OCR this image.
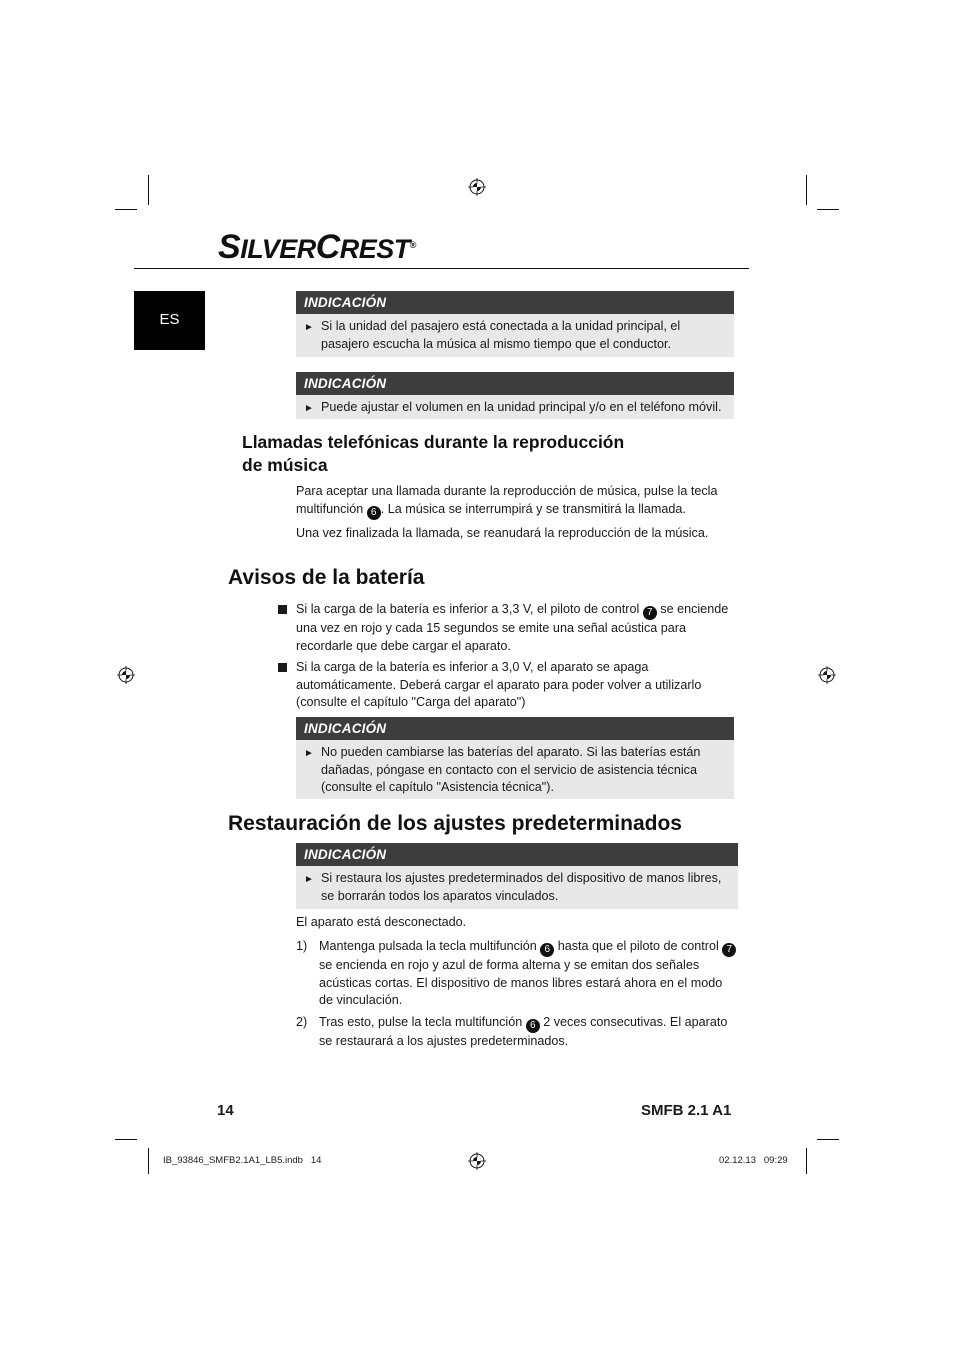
SILVERCREST®
ES
INDICACIÓN
► Si la unidad del pasajero está conectada a la unidad principal, el pasajero escucha la música al mismo tiempo que el conductor.
INDICACIÓN
► Puede ajustar el volumen en la unidad principal y/o en el teléfono móvil.
Llamadas telefónicas durante la reproducción
de música
Para aceptar una llamada durante la reproducción de música, pulse la tecla multifunción 6 . La música se interrumpirá y se transmitirá la llamada.
Una vez finalizada la llamada, se reanudará la reproducción de la música.
Avisos de la batería
Si la carga de la batería es inferior a 3,3 V, el piloto de control 7 se enciende una vez en rojo y cada 15 segundos se emite una señal acústica para recordarle que debe cargar el aparato.
Si la carga de la batería es inferior a 3,0 V, el aparato se apaga automáticamente. Deberá cargar el aparato para poder volver a utilizarlo (consulte el capítulo "Carga del aparato")
INDICACIÓN
► No pueden cambiarse las baterías del aparato. Si las baterías están dañadas, póngase en contacto con el servicio de asistencia técnica (consulte el capítulo "Asistencia técnica").
Restauración de los ajustes predeterminados
INDICACIÓN
► Si restaura los ajustes predeterminados del dispositivo de manos libres, se borrarán todos los aparatos vinculados.
El aparato está desconectado.
1) Mantenga pulsada la tecla multifunción 6 hasta que el piloto de control 7 se encienda en rojo y azul de forma alterna y se emitan dos señales acústicas cortas. El dispositivo de manos libres estará ahora en el modo de vinculación.
2) Tras esto, pulse la tecla multifunción 6 2 veces consecutivas. El aparato se restaurará a los ajustes predeterminados.
14	SMFB 2.1 A1
IB_93846_SMFB2.1A1_LB5.indb   14	02.12.13   09:29
